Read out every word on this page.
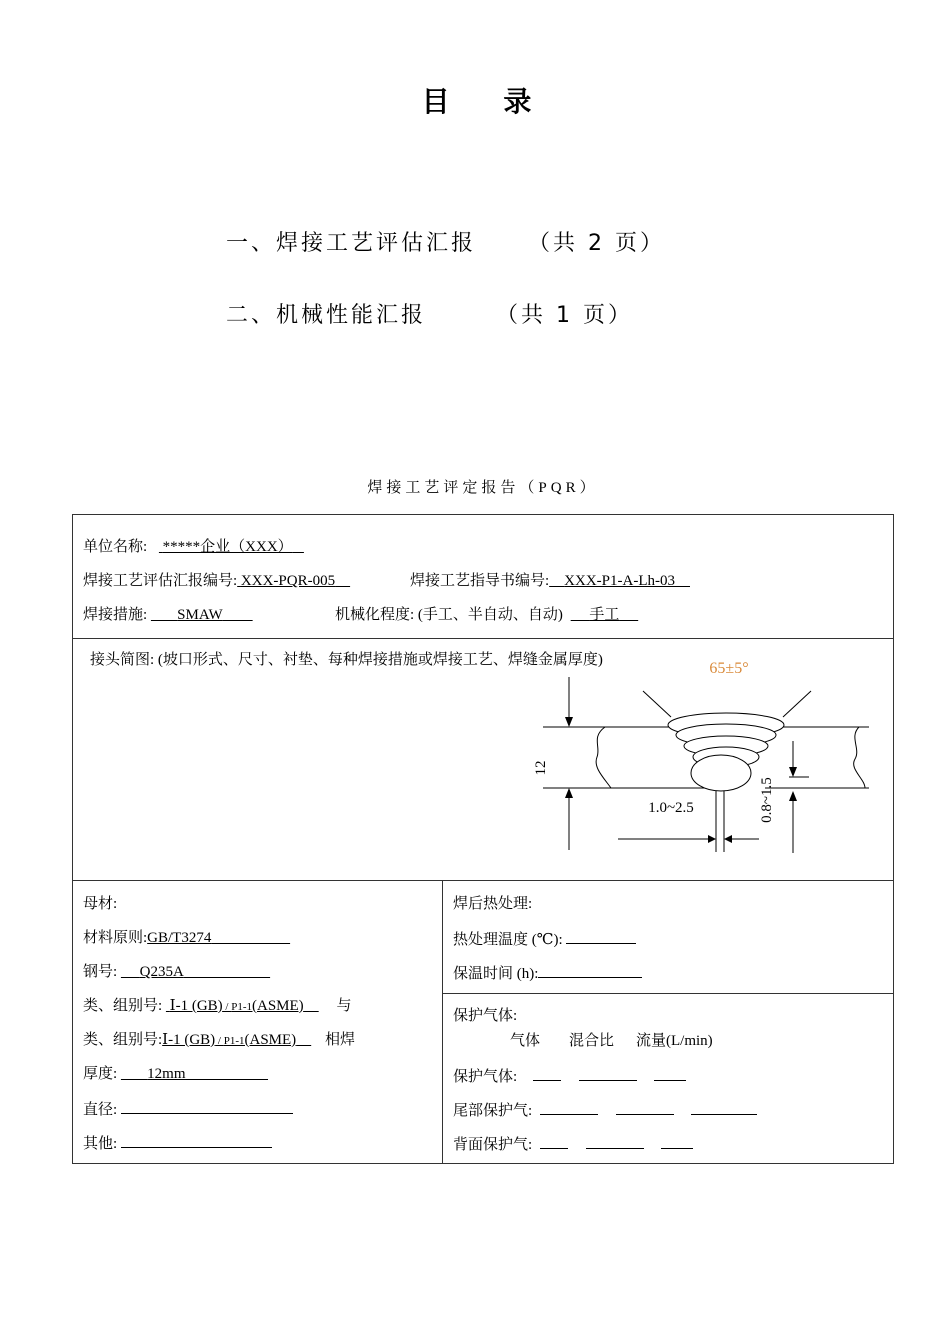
目 录
一、焊接工艺评估汇报 （共 2 页）
二、机械性能汇报	（共 1 页）
焊接工艺评定报告（PQR）
单位名称: *****企业（XXX）
焊接工艺评估汇报编号: XXX-PQR-005	焊接工艺指导书编号: XXX-P1-A-Lh-03
焊接措施: SMAW	机械化程度: (手工、半自动、自动) 手工
接头简图: (坡口形式、尺寸、衬垫、每种焊接措施或焊接工艺、焊缝金属厚度)
1.0~2.5
12
0.8~1.5
65±5°
母材:
材料原则:GB/T3274
钢号: Q235A
类、组别号: Ⅰ-1 (GB) / P1-1(ASME) 与
类、组别号:Ⅰ-1 (GB) / P1-1(ASME) 相焊
厚度: 12mm
直径:
其他:
焊后热处理:
热处理温度 (℃):
保温时间 (h):
保护气体:
气体 混合比 流量(L/min)
保护气体:
尾部保护气:
背面保护气:
